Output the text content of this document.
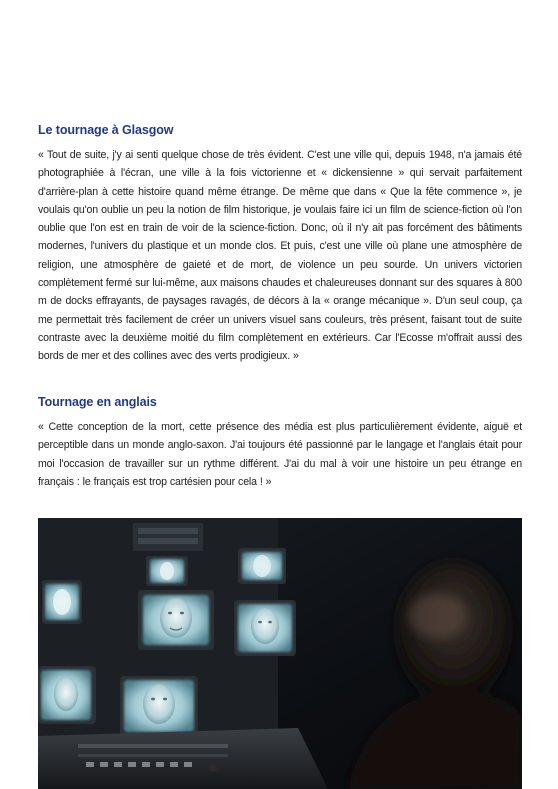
Le tournage à Glasgow

« Tout de suite, j'y ai senti quelque chose de très évident. C'est une ville qui, depuis 1948, n'a jamais été photographiée à l'écran, une ville à la fois victorienne et « dickensienne » qui servait parfaitement d'arrière-plan à cette histoire quand même étrange. De même que dans « Que la fête commence », je voulais qu'on oublie un peu la notion de film historique, je voulais faire ici un film de science-fiction où l'on oublie que l'on est en train de voir de la science-fiction. Donc, où il n'y ait pas forcément des bâtiments modernes, l'univers du plastique et un monde clos. Et puis, c'est une ville où plane une atmosphère de religion, une atmosphère de gaieté et de mort, de violence un peu sourde. Un univers victorien complètement fermé sur lui-même, aux maisons chaudes et chaleureuses donnant sur des squares à 800 m de docks effrayants, de paysages ravagés, de décors à la « orange mécanique ». D'un seul coup, ça me permettait très facilement de créer un univers visuel sans couleurs, très présent, faisant tout de suite contraste avec la deuxième moitié du film complètement en extérieurs. Car l'Ecosse m'offrait aussi des bords de mer et des collines avec des verts prodigieux. »

Tournage en anglais

« Cette conception de la mort, cette présence des média est plus particulièrement évidente, aiguë et perceptible dans un monde anglo-saxon. J'ai toujours été passionné par le langage et l'anglais était pour moi l'occasion de travailler sur un rythme différent. J'ai du mal à voir une histoire un peu étrange en français : le français est trop cartésien pour cela ! »
